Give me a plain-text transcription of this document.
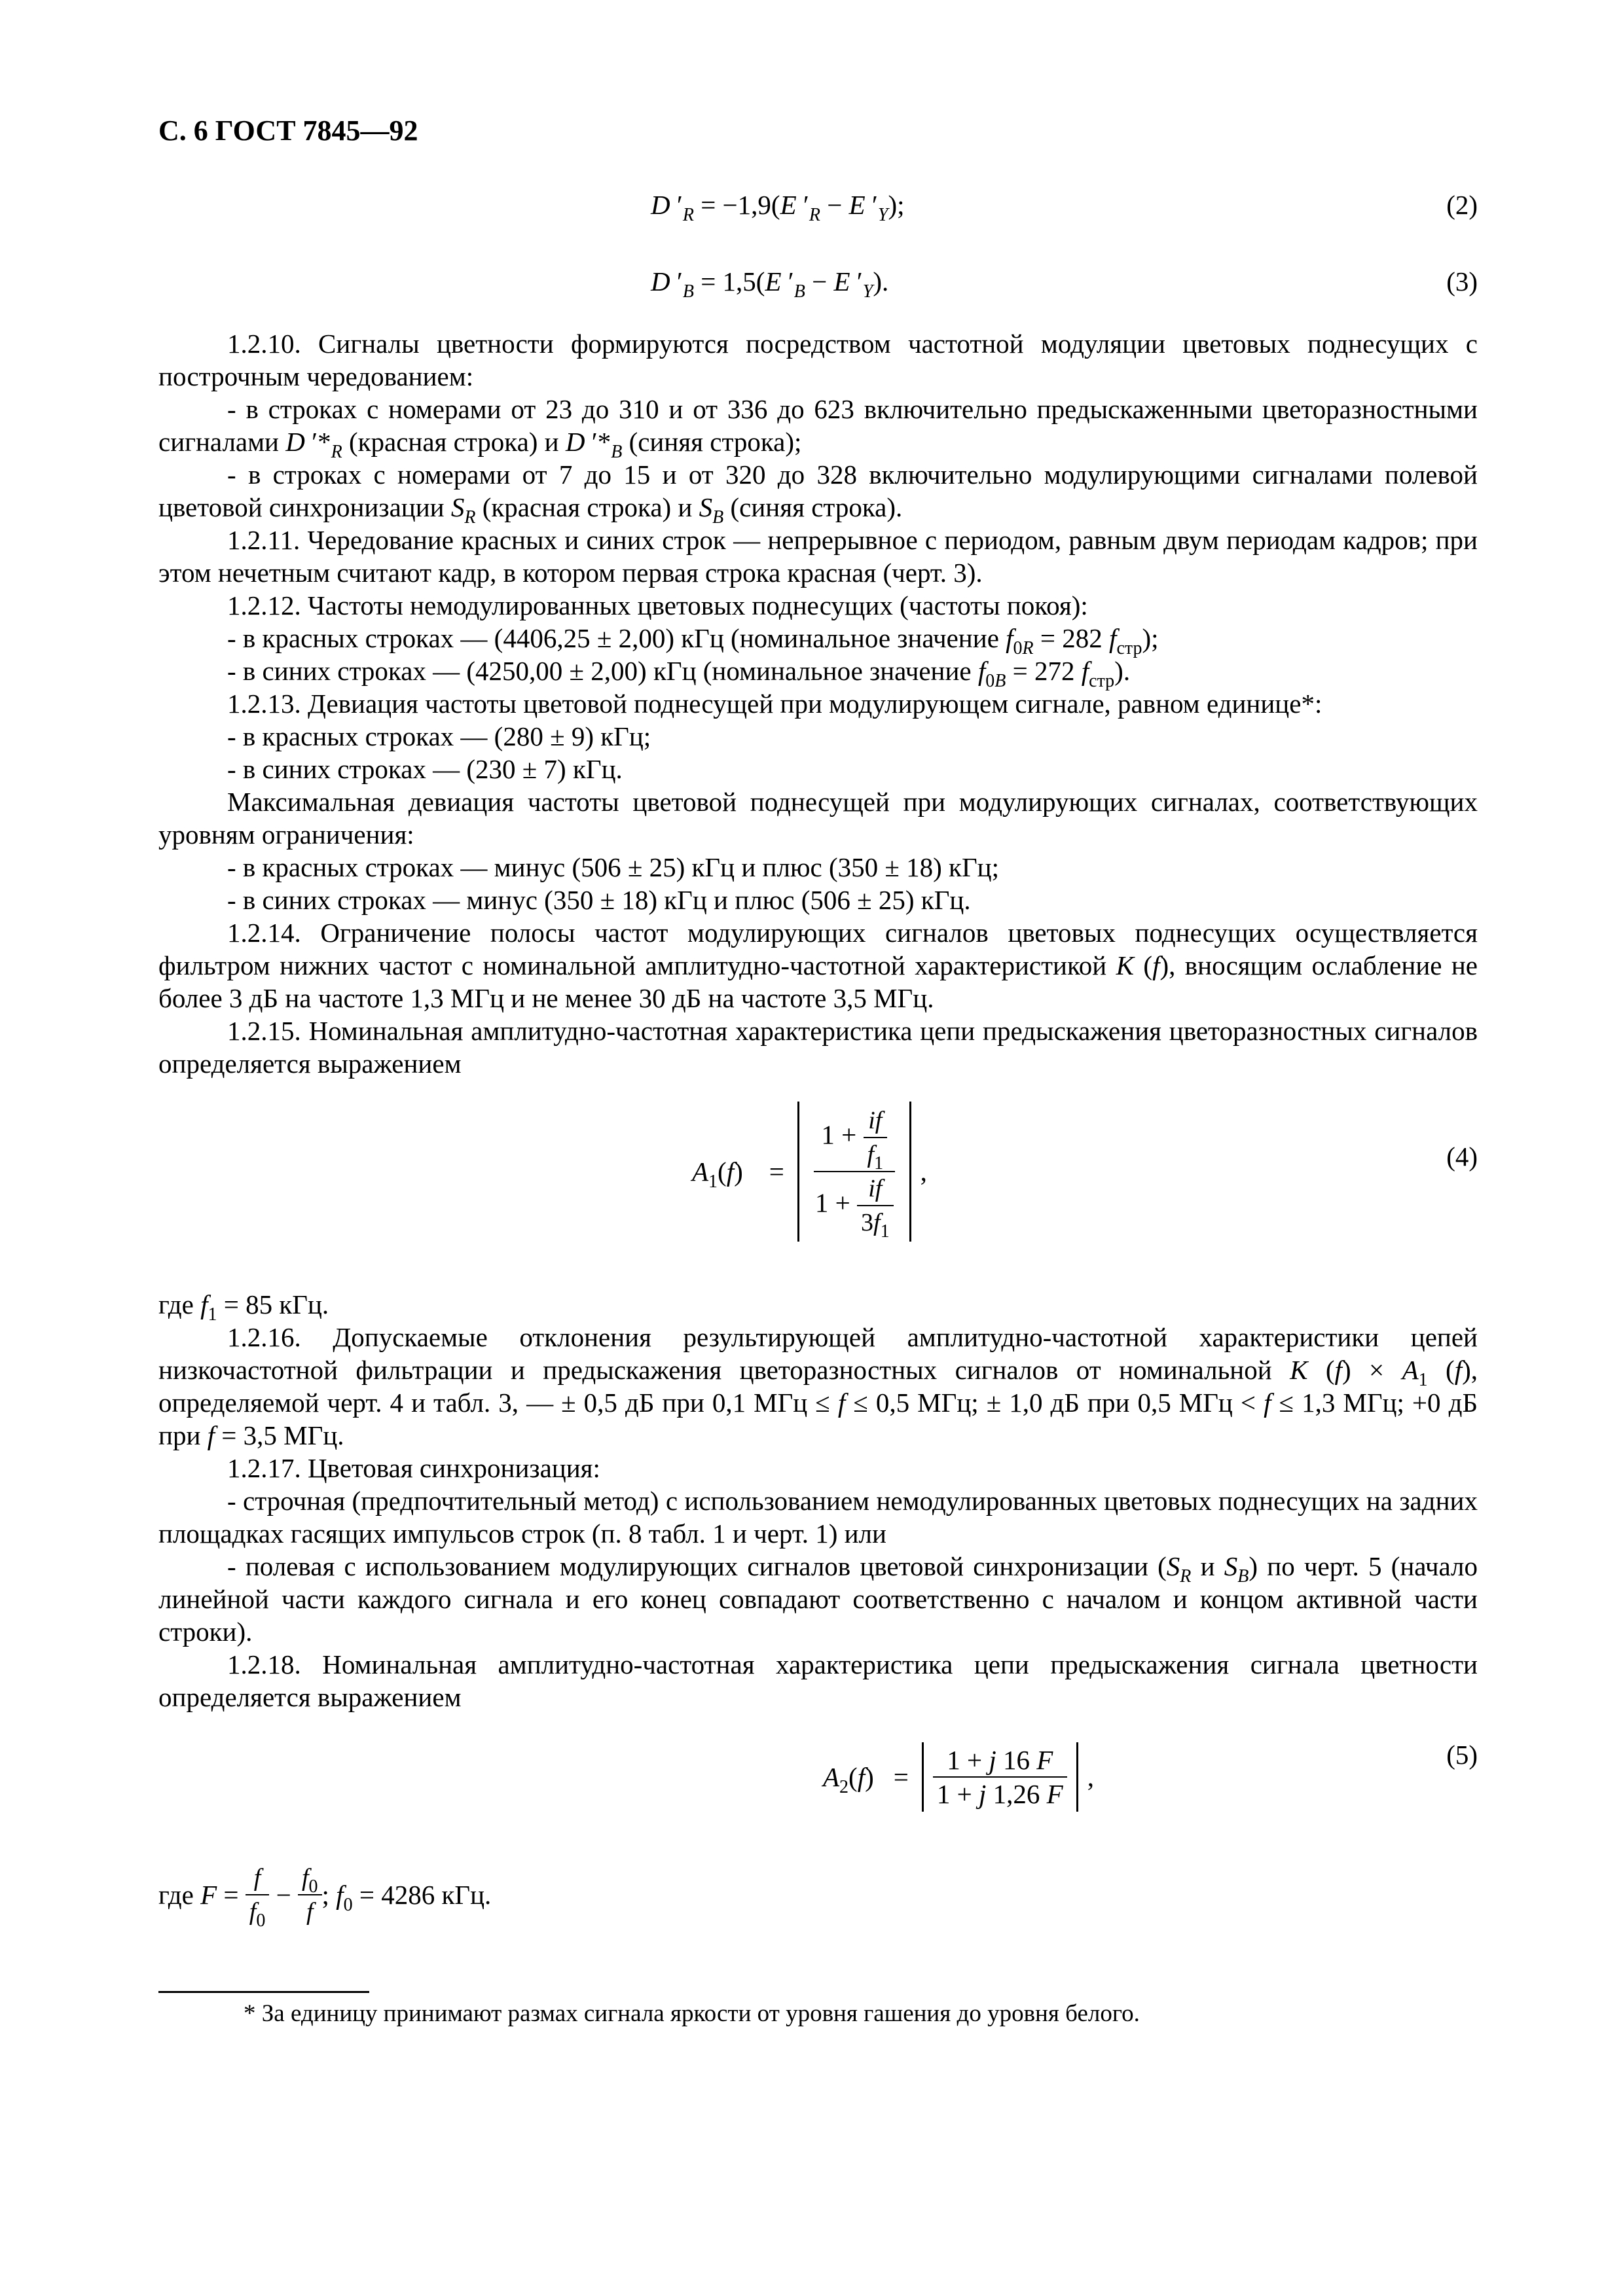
С. 6 ГОСТ 7845—92
D $'_R = -1,9(E$ $'_R - E$ $'_Y$);	(2)
D $'_B = 1,5(E$ $'_B - E$ $'_Y$).	(3)

1.2.10. Сигналы цветности формируются посредством частотной модуляции цветовых поднесущих с построчным чередованием:

- в строках с номерами от 23 до 310 и от 336 до 623 включительно предыскаженными цветоразностными сигналами D $'*_R$ (красная строка) и D $'*_B$ (синяя строка);

- в строках с номерами от 7 до 15 и от 320 до 328 включительно модулирующими сигналами полевой цветовой синхронизации $S_R$ (красная строка) и $S_B$ (синяя строка).

1.2.11. Чередование красных и синих строк — непрерывное с периодом, равным двум периодам кадров; при этом нечетным считают кадр, в котором первая строка красная (черт. 3).

1.2.12. Частоты немодулированных цветовых поднесущих (частоты покоя):

- в красных строках — (4406,25 ± 2,00) кГц (номинальное значение $f_{0R} = 282$ $f_{стр}$);

- в синих строках — (4250,00 ± 2,00) кГц (номинальное значение $f_{0B} = 272$ $f_{стр}$).

1.2.13. Девиация частоты цветовой поднесущей при модулирующем сигнале, равном единице*:

- в красных строках — (280 ± 9) кГц;

- в синих строках — (230 ± 7) кГц.

Максимальная девиация частоты цветовой поднесущей при модулирующих сигналах, соответствующих уровням ограничения:

- в красных строках — минус (506 ± 25) кГц и плюс (350 ± 18) кГц;

- в синих строках — минус (350 ± 18) кГц и плюс (506 ± 25) кГц.

1.2.14. Ограничение полосы частот модулирующих сигналов цветовых поднесущих осуществляется фильтром нижних частот с номинальной амплитудно-частотной характеристикой K (f), вносящим ослабление не более 3 дБ на частоте 1,3 МГц и не менее 30 дБ на частоте 3,5 МГц.

1.2.15. Номинальная амплитудно-частотная характеристика цепи предыскажения цветоразностных сигналов определяется выражением

$A_1(f) = \frac{1 + \frac{if}{f_1}}{1 + \frac{if}{3f_1}}$ ,	(4)

где $f_1 = 85$ кГц.

1.2.16. Допускаемые отклонения результирующей амплитудно-частотной характеристики цепей низкочастотной фильтрации и предыскажения цветоразностных сигналов от номинальной K $(f) \times A_1$ (f), определяемой черт. 4 и табл. 3, — ± 0,5 дБ при 0,1 МГц ≤ f ≤ 0,5 МГц; ± 1,0 дБ при 0,5 МГц < f ≤ 1,3 МГц; +0 дБ при f = 3,5 МГц.

1.2.17. Цветовая синхронизация:

- строчная (предпочтительный метод) с использованием немодулированных цветовых поднесущих на задних площадках гасящих импульсов строк (п. 8 табл. 1 и черт. 1) или

- полевая с использованием модулирующих сигналов цветовой синхронизации ($S_R$ и $S_B$) по черт. 5 (начало линейной части каждого сигнала и его конец совпадают соответственно с началом и концом активной части строки).

1.2.18. Номинальная амплитудно-частотная характеристика цепи предыскажения сигнала цветности определяется выражением

$A_2(f) = \frac{1 + j 16 F}{1 + j 1,26 F}$ ,
(5)
где $F = \frac{f}{f_0} - \frac{f_0}{f}$ ; $f_0 = 4286$ кГц.
* За единицу принимают размах сигнала яркости от уровня гашения до уровня белого.
